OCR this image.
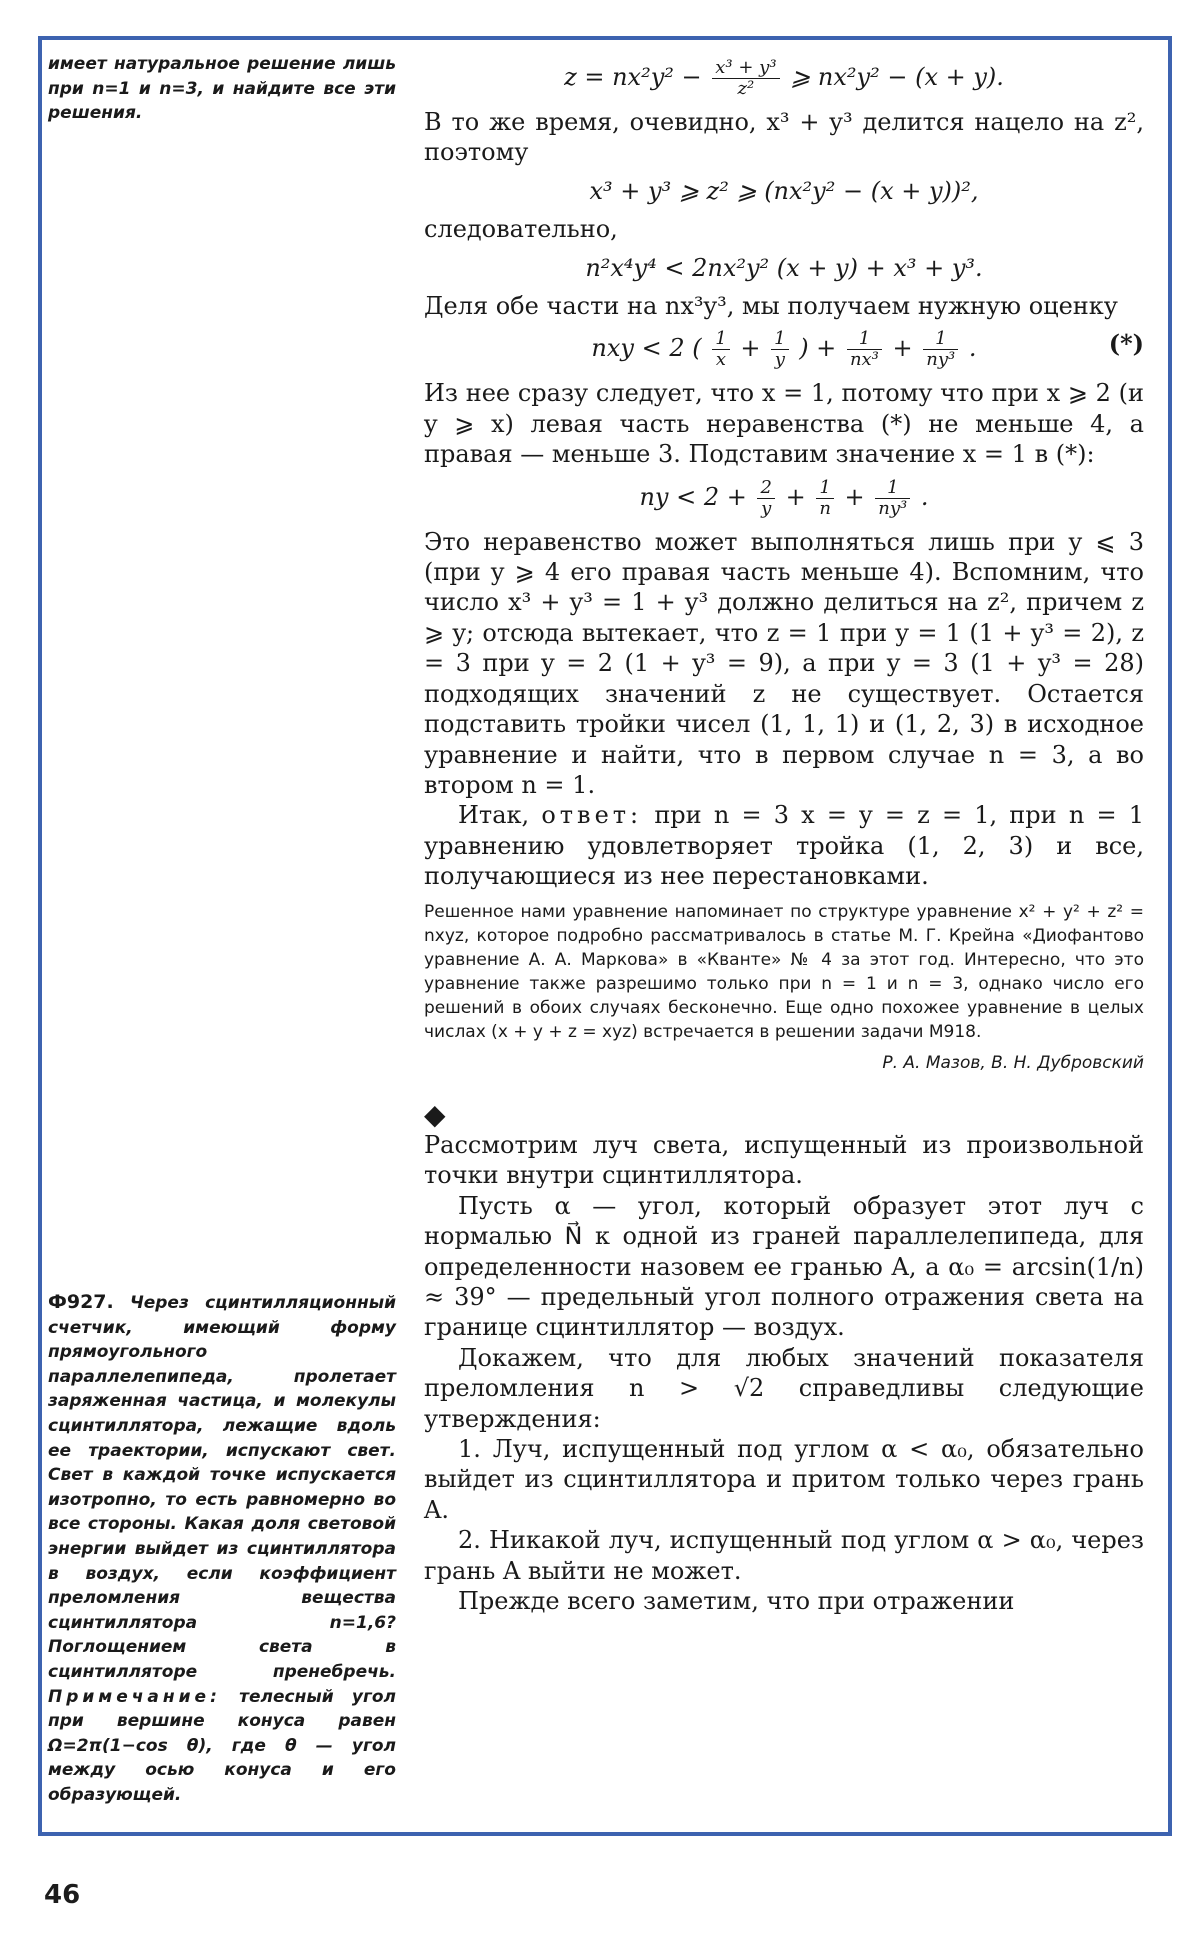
имеет натуральное решение лишь при n=1 и n=3, и найдите все эти решения.
Ф927. Через сцинтилляционный счетчик, имеющий форму прямоугольного параллелепипеда, пролетает заряженная частица, и молекулы сцинтиллятора, лежащие вдоль ее траектории, испускают свет. Свет в каждой точке испускается изотропно, то есть равномерно во все стороны. Какая доля световой энергии выйдет из сцинтиллятора в воздух, если коэффициент преломления вещества сцинтиллятора n=1,6? Поглощением света в сцинтилляторе пренебречь. Примечание: телесный угол при вершине конуса равен Ω=2π(1−cos θ), где θ — угол между осью конуса и его образующей.
$z = nx^2y^2 - \frac{\text{x³ + y³}}{\text{z²}}$ ⩾ nx²y² − (x + y).

В то же время, очевидно, x³ + y³ делится нацело на z², поэтому

x³ + y³ ⩾ z² ⩾ (nx²y² − (x + y))²,

следовательно,

n²x⁴y⁴ < 2nx²y² (x + y) + x³ + y³.

Деля обе части на nx³y³, мы получаем нужную оценку

nxy < 2 ( $\frac{1}{x} + \frac{1}{y}$ ) + $\frac{1}{\text{nx³}} + \frac{1}{\text{ny³}}$ .	(*)

Из нее сразу следует, что x = 1, потому что при x ⩾ 2 (и y ⩾ x) левая часть неравенства (*) не меньше 4, а правая — меньше 3. Подставим значение x = 1 в (*):

ny < $2 + \frac{2}{y} + \frac{1}{n} + \frac{1}{\text{ny³}}$ .

Это неравенство может выполняться лишь при y ⩽ 3 (при y ⩾ 4 его правая часть меньше 4). Вспомним, что число x³ + y³ = 1 + y³ должно делиться на z², причем z ⩾ y; отсюда вытекает, что z = 1 при y = 1 (1 + y³ = 2), z = 3 при y = 2 (1 + y³ = 9), а при y = 3 (1 + y³ = 28) подходящих значений z не существует. Остается подставить тройки чисел (1, 1, 1) и (1, 2, 3) в исходное уравнение и найти, что в первом случае n = 3, а во втором n = 1.

Итак, ответ: при n = 3 x = y = z = 1, при n = 1 уравнению удовлетворяет тройка (1, 2, 3) и все, получающиеся из нее перестановками.

Решенное нами уравнение напоминает по структуре уравнение x² + y² + z² = nxyz, которое подробно рассматривалось в статье М. Г. Крейна «Диофантово уравнение А. А. Маркова» в «Кванте» № 4 за этот год. Интересно, что это уравнение также разрешимо только при n = 1 и n = 3, однако число его решений в обоих случаях бесконечно. Еще одно похожее уравнение в целых числах (x + y + z = xyz) встречается в решении задачи М918.
Р. А. Мазов, В. Н. Дубровский
◆

Рассмотрим луч света, испущенный из произвольной точки внутри сцинтиллятора.

Пусть α — угол, который образует этот луч с нормалью N⃗ к одной из граней параллелепипеда, для определенности назовем ее гранью A, а α₀ = arcsin(1/n) ≈ 39° — предельный угол полного отражения света на границе сцинтиллятор — воздух.

Докажем, что для любых значений показателя преломления n > √2 справедливы следующие утверждения:

1. Луч, испущенный под углом α < α₀, обязательно выйдет из сцинтиллятора и притом только через грань A.

2. Никакой луч, испущенный под углом α > α₀, через грань A выйти не может.

Прежде всего заметим, что при отражении

46
